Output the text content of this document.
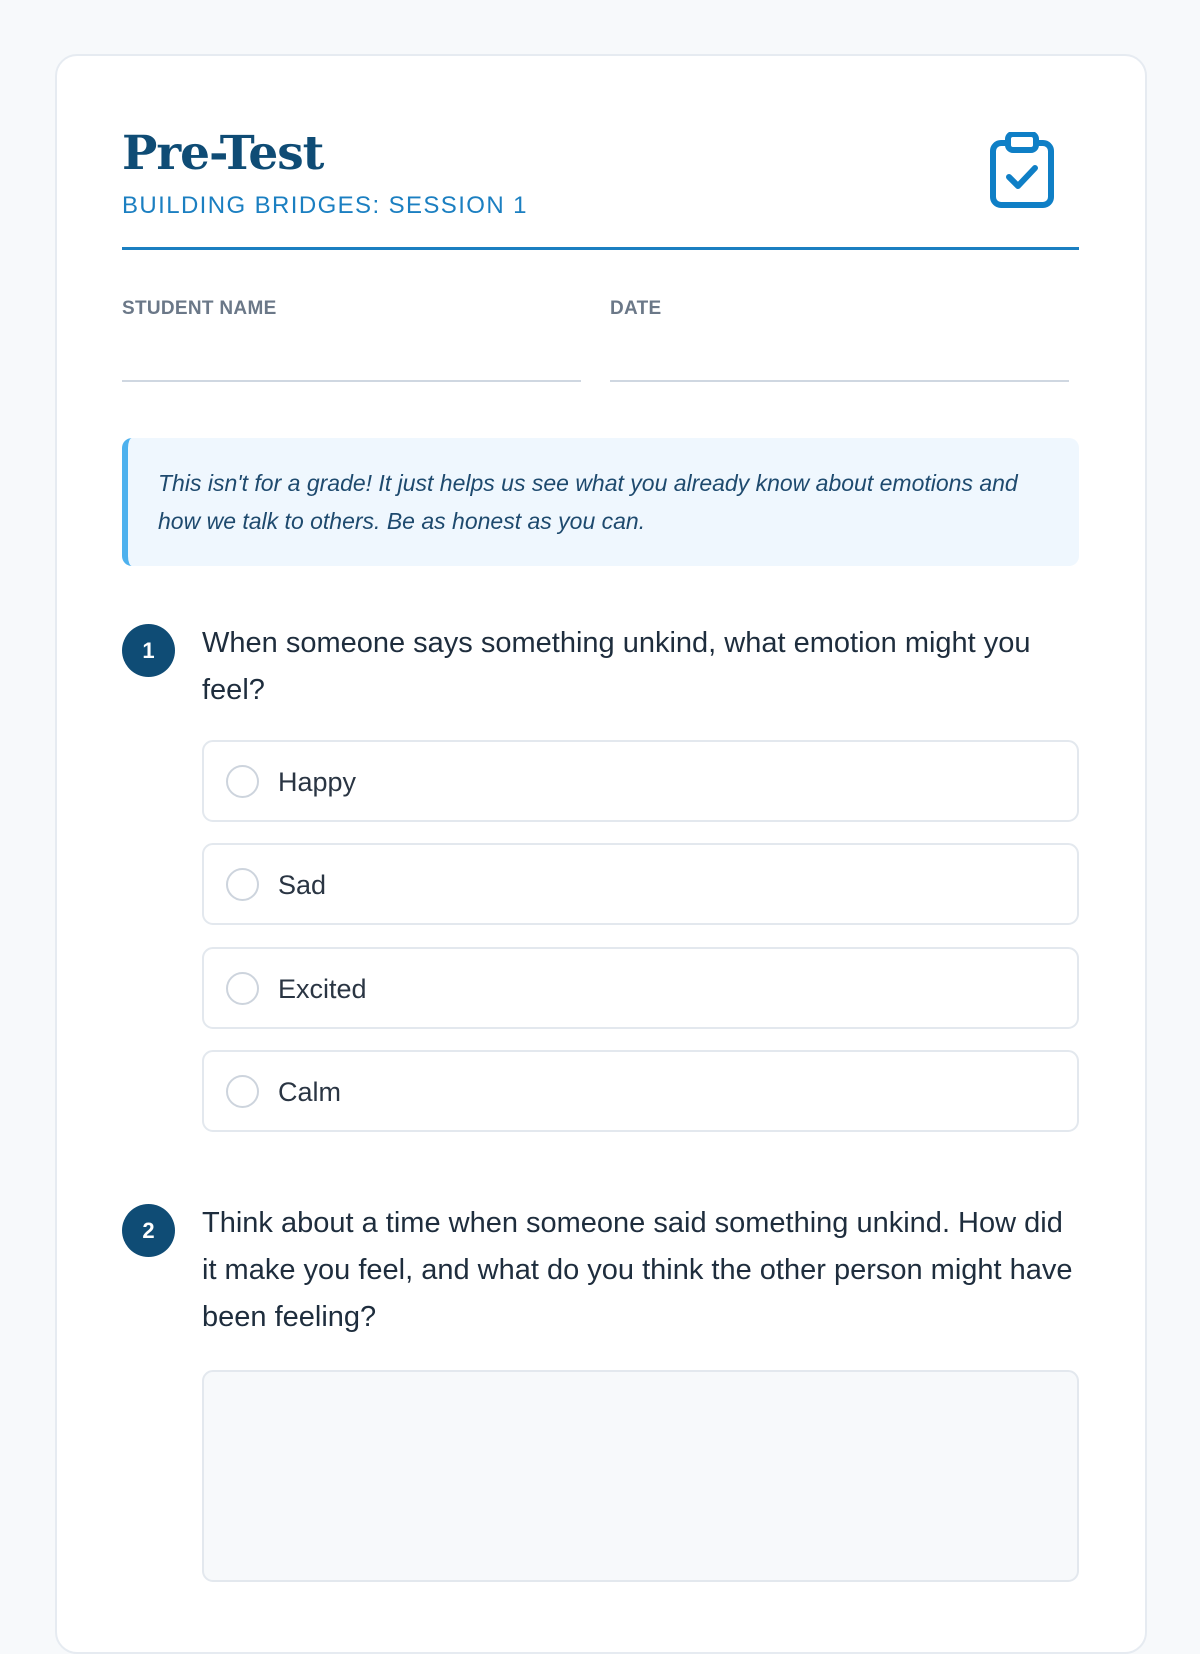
Pre-Test
BUILDING BRIDGES: SESSION 1
STUDENT NAME	DATE
This isn't for a grade! It just helps us see what you already know about emotions and how we talk to others. Be as honest as you can.
1	When someone says something unkind, what emotion might you feel?

Happy
Sad
Excited
Calm
2	Think about a time when someone said something unkind. How did it make you feel, and what do you think the other person might have been feeling?
